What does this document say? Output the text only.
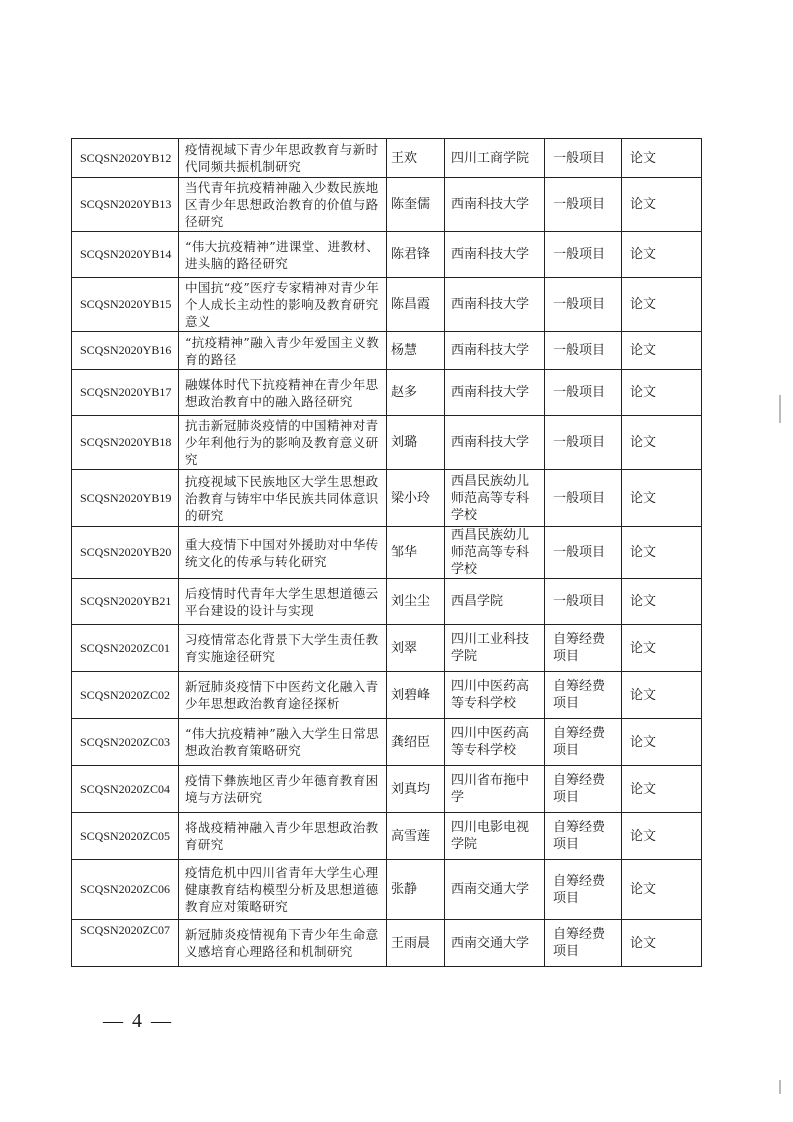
SCQSN2020YB12	疫情视域下青少年思政教育与新时代同频共振机制研究	王欢	四川工商学院	一般项目	论文
SCQSN2020YB13	当代青年抗疫精神融入少数民族地区青少年思想政治教育的价值与路径研究	陈奎儒	西南科技大学	一般项目	论文
SCQSN2020YB14	“伟大抗疫精神”进课堂、进教材、进头脑的路径研究	陈君锋	西南科技大学	一般项目	论文
SCQSN2020YB15	中国抗“疫”医疗专家精神对青少年个人成长主动性的影响及教育研究意义	陈昌霞	西南科技大学	一般项目	论文
SCQSN2020YB16	“抗疫精神”融入青少年爱国主义教育的路径	杨慧	西南科技大学	一般项目	论文
SCQSN2020YB17	融媒体时代下抗疫精神在青少年思想政治教育中的融入路径研究	赵多	西南科技大学	一般项目	论文
SCQSN2020YB18	抗击新冠肺炎疫情的中国精神对青少年利他行为的影响及教育意义研究	刘璐	西南科技大学	一般项目	论文
SCQSN2020YB19	抗疫视域下民族地区大学生思想政治教育与铸牢中华民族共同体意识的研究	梁小玲	西昌民族幼儿师范高等专科学校	一般项目	论文
SCQSN2020YB20	重大疫情下中国对外援助对中华传统文化的传承与转化研究	邹华	西昌民族幼儿师范高等专科学校	一般项目	论文
SCQSN2020YB21	后疫情时代青年大学生思想道德云平台建设的设计与实现	刘尘尘	西昌学院	一般项目	论文
SCQSN2020ZC01	习疫情常态化背景下大学生责任教育实施途径研究	刘翠	四川工业科技学院	自筹经费项目	论文
SCQSN2020ZC02	新冠肺炎疫情下中医药文化融入青少年思想政治教育途径探析	刘碧峰	四川中医药高等专科学校	自筹经费项目	论文
SCQSN2020ZC03	“伟大抗疫精神”融入大学生日常思想政治教育策略研究	龚绍臣	四川中医药高等专科学校	自筹经费项目	论文
SCQSN2020ZC04	疫情下彝族地区青少年德育教育困境与方法研究	刘真均	四川省布拖中学	自筹经费项目	论文
SCQSN2020ZC05	将战疫精神融入青少年思想政治教育研究	高雪莲	四川电影电视学院	自筹经费项目	论文
SCQSN2020ZC06	疫情危机中四川省青年大学生心理健康教育结构模型分析及思想道德教育应对策略研究	张静	西南交通大学	自筹经费项目	论文
SCQSN2020ZC07	新冠肺炎疫情视角下青少年生命意义感培育心理路径和机制研究	王雨晨	西南交通大学	自筹经费项目	论文
— 4 —
